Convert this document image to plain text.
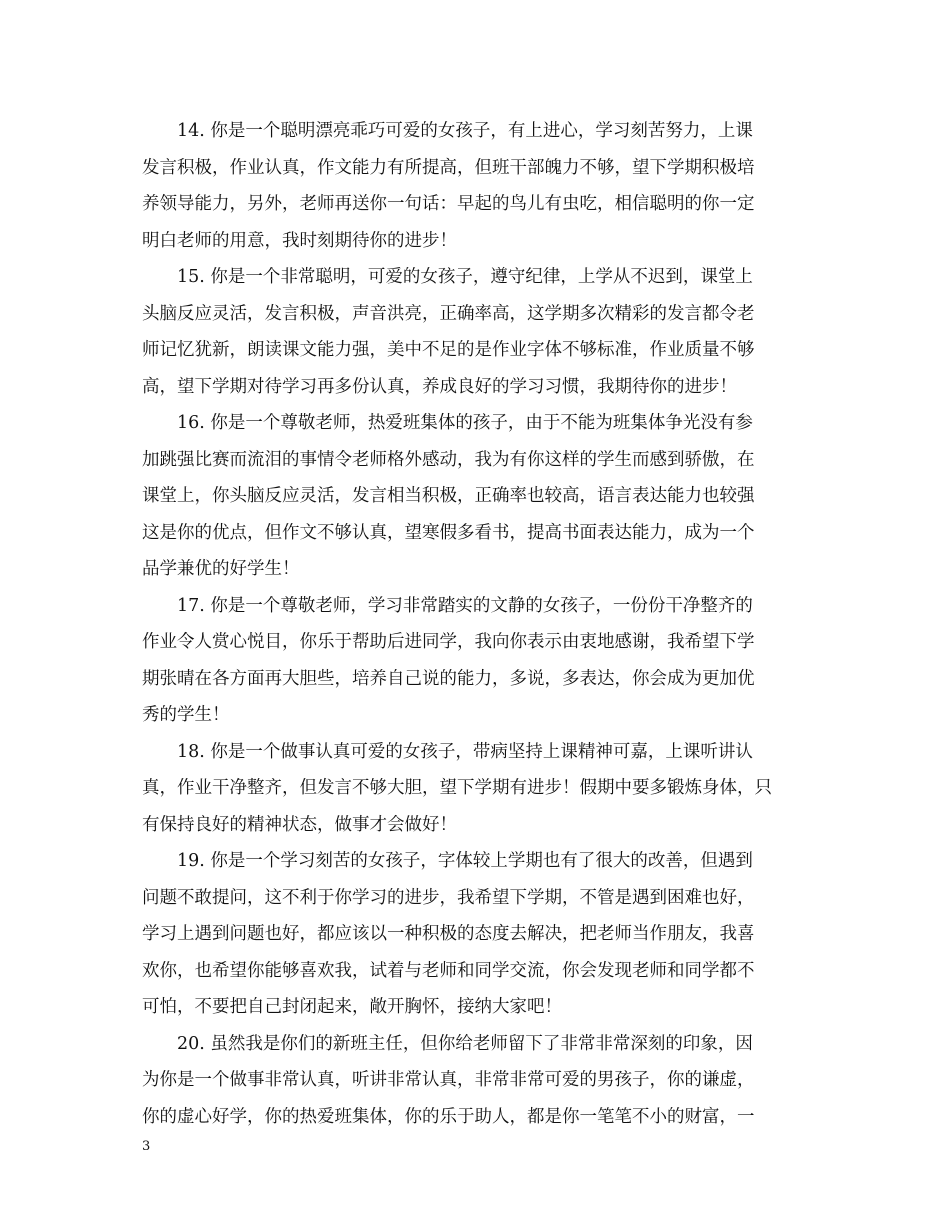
14. 你是一个聪明漂亮乖巧可爱的女孩子，有上进心，学习刻苦努力，上课
发言积极，作业认真，作文能力有所提高，但班干部魄力不够，望下学期积极培
养领导能力，另外，老师再送你一句话：早起的鸟儿有虫吃，相信聪明的你一定
明白老师的用意，我时刻期待你的进步！
15. 你是一个非常聪明，可爱的女孩子，遵守纪律，上学从不迟到，课堂上
头脑反应灵活，发言积极，声音洪亮，正确率高，这学期多次精彩的发言都令老
师记忆犹新，朗读课文能力强，美中不足的是作业字体不够标准，作业质量不够
高，望下学期对待学习再多份认真，养成良好的学习习惯，我期待你的进步！
16. 你是一个尊敬老师，热爱班集体的孩子，由于不能为班集体争光没有参
加跳强比赛而流泪的事情令老师格外感动，我为有你这样的学生而感到骄傲，在
课堂上，你头脑反应灵活，发言相当积极，正确率也较高，语言表达能力也较强
这是你的优点，但作文不够认真，望寒假多看书，提高书面表达能力，成为一个
品学兼优的好学生！
17. 你是一个尊敬老师，学习非常踏实的文静的女孩子，一份份干净整齐的
作业令人赏心悦目，你乐于帮助后进同学，我向你表示由衷地感谢，我希望下学
期张晴在各方面再大胆些，培养自己说的能力，多说，多表达，你会成为更加优
秀的学生！
18. 你是一个做事认真可爱的女孩子，带病坚持上课精神可嘉，上课听讲认
真，作业干净整齐，但发言不够大胆，望下学期有进步！假期中要多锻炼身体，只
有保持良好的精神状态，做事才会做好！
19. 你是一个学习刻苦的女孩子，字体较上学期也有了很大的改善，但遇到
问题不敢提问，这不利于你学习的进步，我希望下学期，不管是遇到困难也好，
学习上遇到问题也好，都应该以一种积极的态度去解决，把老师当作朋友，我喜
欢你，也希望你能够喜欢我，试着与老师和同学交流，你会发现老师和同学都不
可怕，不要把自己封闭起来，敞开胸怀，接纳大家吧！
20. 虽然我是你们的新班主任，但你给老师留下了非常非常深刻的印象，因
为你是一个做事非常认真，听讲非常认真，非常非常可爱的男孩子，你的谦虚，
你的虚心好学，你的热爱班集体，你的乐于助人，都是你一笔笔不小的财富，一
3
